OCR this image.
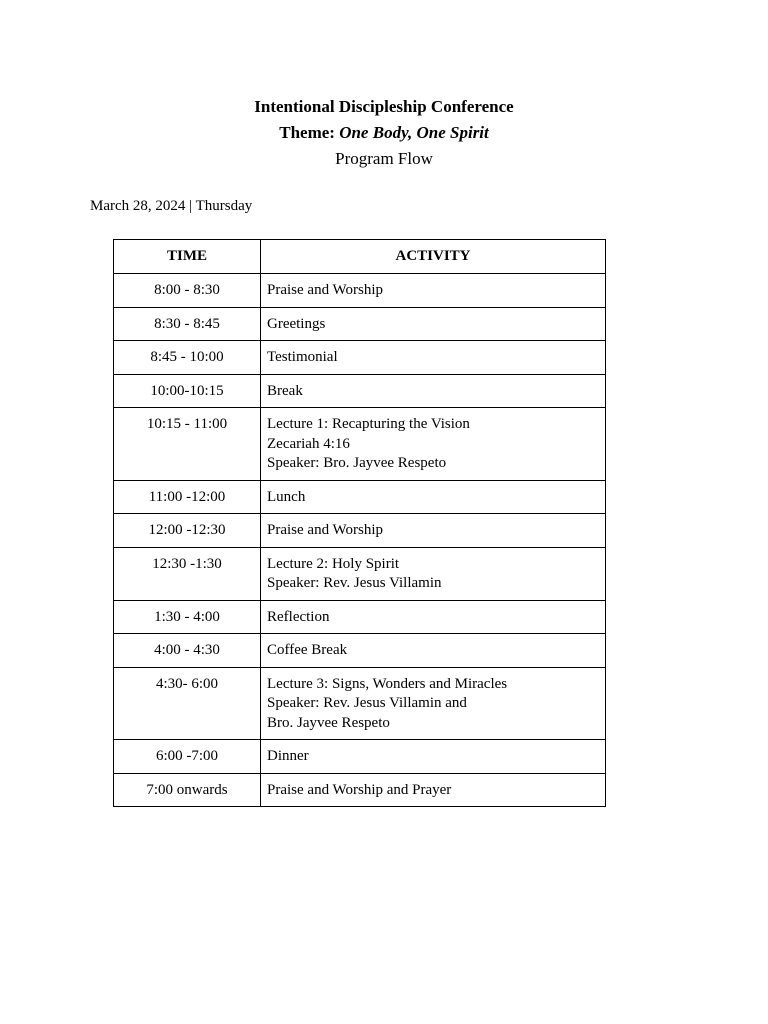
Intentional Discipleship Conference
Theme: One Body, One Spirit
Program Flow
March 28, 2024 | Thursday
TIME	ACTIVITY
8:00 - 8:30	Praise and Worship

8:30 - 8:45	Greetings

8:45 - 10:00	Testimonial

10:00-10:15	Break

10:15 - 11:00	Lecture 1: Recapturing the Vision
Zecariah 4:16
Speaker: Bro. Jayvee Respeto

11:00 -12:00	Lunch

12:00 -12:30	Praise and Worship

12:30 -1:30	Lecture 2: Holy Spirit
Speaker: Rev. Jesus Villamin

1:30 - 4:00	Reflection

4:00 - 4:30	Coffee Break

4:30- 6:00	Lecture 3: Signs, Wonders and Miracles
Speaker: Rev. Jesus Villamin and
Bro. Jayvee Respeto

6:00 -7:00	Dinner

7:00 onwards	Praise and Worship and Prayer
